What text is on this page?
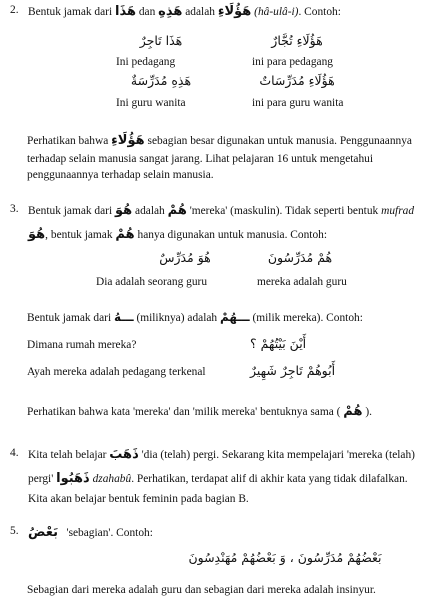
2. Bentuk jamak dari هَذَا dan هَذِهِ adalah هَؤُلَاءِ (hâ-ulâ-i). Contoh:
هَذَا تَاجِرٌ	هَؤُلَاءِ تُجَّارٌ
Ini pedagang	ini para pedagang
هَذِهِ مُدَرِّسَةٌ	هَؤُلَاءِ مُدَرِّسَاتٌ
Ini guru wanita	ini para guru wanita
Perhatikan bahwa هَؤُلَاءِ sebagian besar digunakan untuk manusia. Penggunaannya
terhadap selain manusia sangat jarang. Lihat pelajaran 16 untuk mengetahui
penggunaannya terhadap selain manusia.
3. Bentuk jamak dari هُوَ adalah هُمْ 'mereka' (maskulin). Tidak seperti bentuk mufrad
هُوَ, bentuk jamak هُمْ hanya digunakan untuk manusia. Contoh:
هُوَ مُدَرِّسٌ	هُمْ مُدَرِّسُونَ
Dia adalah seorang guru	mereka adalah guru
Bentuk jamak dari ـــهُ (miliknya) adalah ـــهُمْ (milik mereka). Contoh:
Dimana rumah mereka?	أَيْنَ بَيْتُهُمْ ؟
Ayah mereka adalah pedagang terkenal	أَبُوهُمْ تَاجِرٌ شَهِيرٌ
Perhatikan bahwa kata 'mereka' dan 'milik mereka' bentuknya sama ( هُمْ ).
4. Kita telah belajar ذَهَبَ 'dia (telah) pergi. Sekarang kita mempelajari 'mereka (telah)
pergi' ذَهَبُوا dzahabû. Perhatikan, terdapat alif di akhir kata yang tidak dilafalkan.
Kita akan belajar bentuk feminin pada bagian B.
5. بَعْضُ 'sebagian'. Contoh:
بَعْضُهُمْ مُدَرِّسُونَ ، وَ بَعْضُهُمْ مُهَنْدِسُونَ
Sebagian dari mereka adalah guru dan sebagian dari mereka adalah insinyur.
